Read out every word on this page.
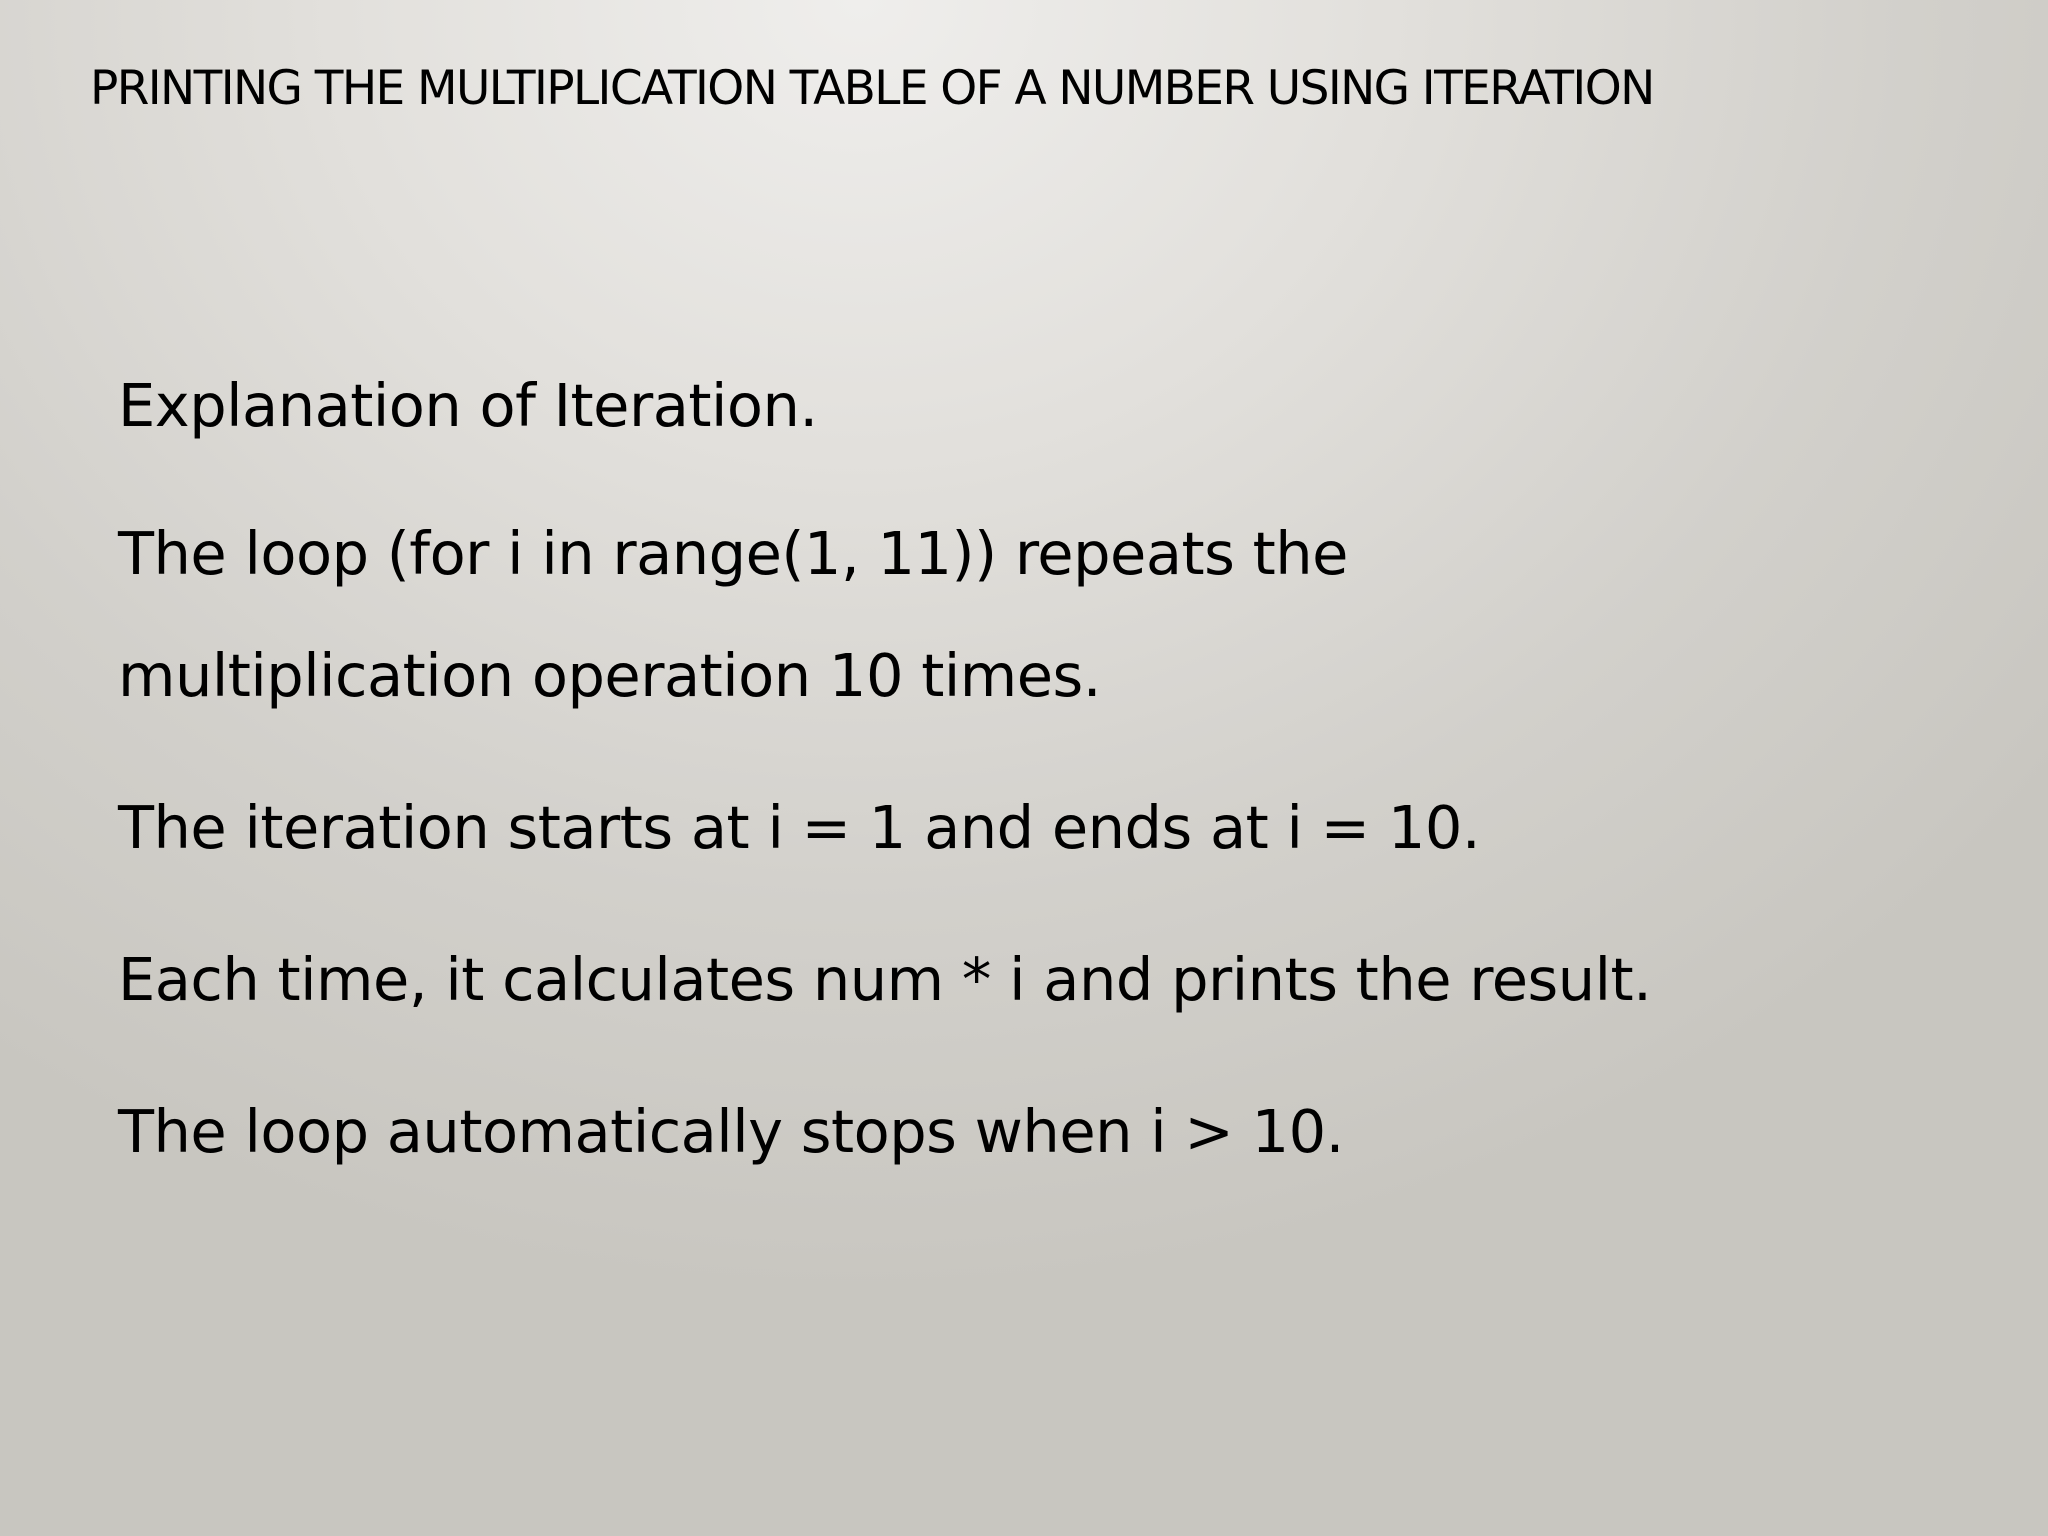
PRINTING THE MULTIPLICATION TABLE OF A NUMBER USING ITERATION
Explanation of Iteration.
The loop (for i in range(1, 11)) repeats the multiplication operation 10 times.
The iteration starts at i = 1 and ends at i = 10.
Each time, it calculates num * i and prints the result.
The loop automatically stops when i > 10.
